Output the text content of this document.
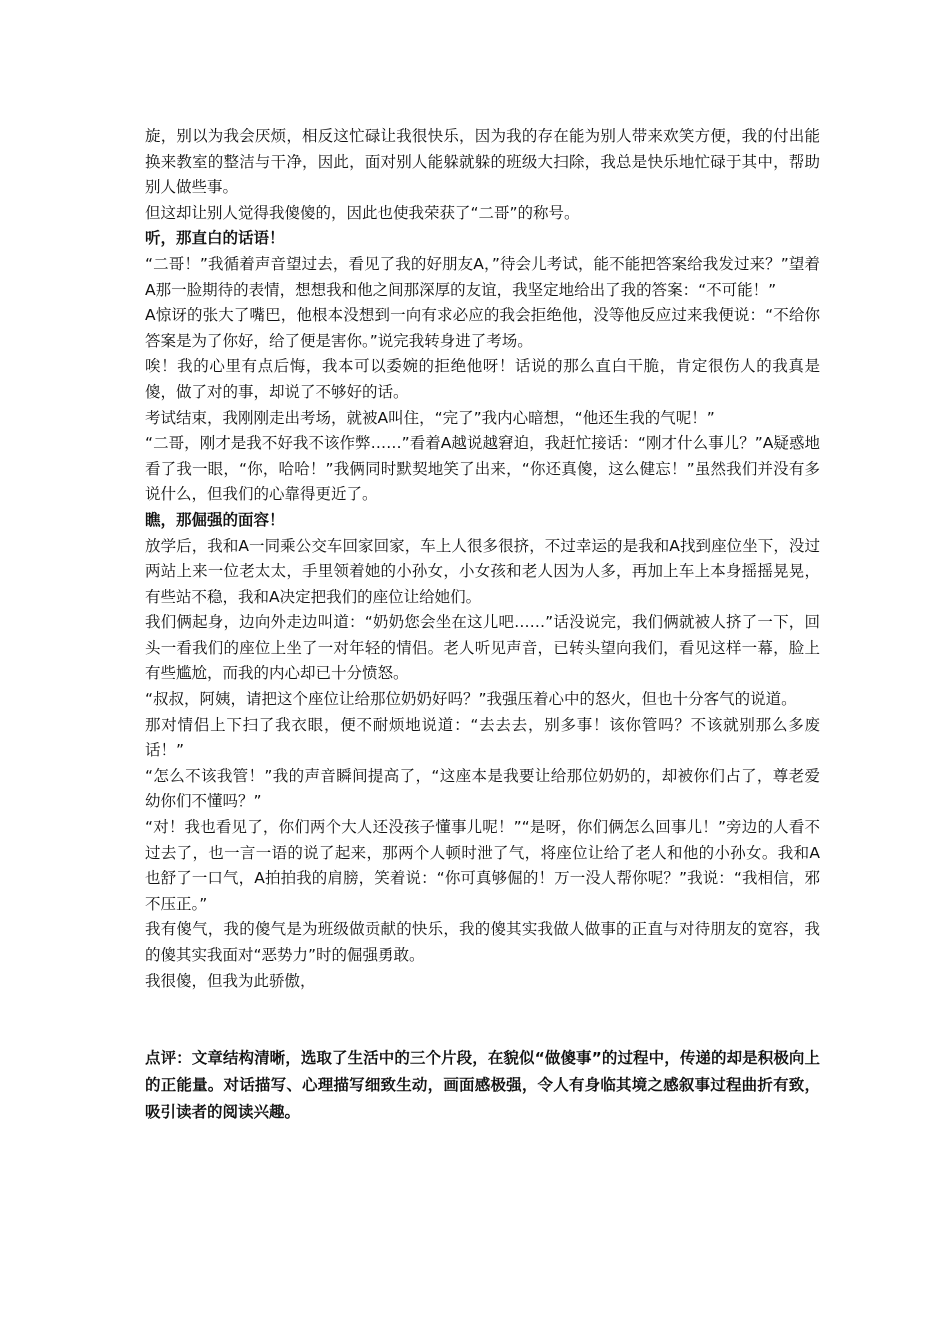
旋，别以为我会厌烦，相反这忙碌让我很快乐，因为我的存在能为别人带来欢笑方便，我的付出能换来教室的整洁与干净，因此，面对别人能躲就躲的班级大扫除，我总是快乐地忙碌于其中，帮助别人做些事。

但这却让别人觉得我傻傻的，因此也使我荣获了“二哥”的称号。

听，那直白的话语！

“二哥！”我循着声音望过去，看见了我的好朋友A，”待会儿考试，能不能把答案给我发过来？”望着A那一脸期待的表情，想想我和他之间那深厚的友谊，我坚定地给出了我的答案：“不可能！”

A惊讶的张大了嘴巴，他根本没想到一向有求必应的我会拒绝他，没等他反应过来我便说：“不给你答案是为了你好，给了便是害你。”说完我转身进了考场。

唉！我的心里有点后悔，我本可以委婉的拒绝他呀！话说的那么直白干脆，肯定很伤人的我真是傻，做了对的事，却说了不够好的话。

考试结束，我刚刚走出考场，就被A叫住，“完了”我内心暗想，“他还生我的气呢！”

“二哥，刚才是我不好我不该作弊……”看着A越说越窘迫，我赶忙接话：“刚才什么事儿？”A疑惑地看了我一眼，“你，哈哈！”我俩同时默契地笑了出来，“你还真傻，这么健忘！”虽然我们并没有多说什么，但我们的心靠得更近了。

瞧，那倔强的面容！

放学后，我和A一同乘公交车回家回家，车上人很多很挤，不过幸运的是我和A找到座位坐下，没过两站上来一位老太太，手里领着她的小孙女，小女孩和老人因为人多，再加上车上本身摇摇晃晃，有些站不稳，我和A决定把我们的座位让给她们。

我们俩起身，边向外走边叫道：“奶奶您会坐在这儿吧……”话没说完，我们俩就被人挤了一下，回头一看我们的座位上坐了一对年轻的情侣。老人听见声音，已转头望向我们，看见这样一幕，脸上有些尴尬，而我的内心却已十分愤怒。

“叔叔，阿姨，请把这个座位让给那位奶奶好吗？”我强压着心中的怒火，但也十分客气的说道。

那对情侣上下扫了我衣眼，便不耐烦地说道：“去去去，别多事！该你管吗？不该就别那么多废话！”

“怎么不该我管！”我的声音瞬间提高了，“这座本是我要让给那位奶奶的，却被你们占了，尊老爱幼你们不懂吗？”

“对！我也看见了，你们两个大人还没孩子懂事儿呢！”“是呀，你们俩怎么回事儿！”旁边的人看不过去了，也一言一语的说了起来，那两个人顿时泄了气，将座位让给了老人和他的小孙女。我和A也舒了一口气，A拍拍我的肩膀，笑着说：“你可真够倔的！万一没人帮你呢？”我说：“我相信，邪不压正。”

我有傻气，我的傻气是为班级做贡献的快乐，我的傻其实我做人做事的正直与对待朋友的宽容，我的傻其实我面对“恶势力”时的倔强勇敢。

我很傻，但我为此骄傲，

点评：文章结构清晰，选取了生活中的三个片段，在貌似“做傻事”的过程中，传递的却是积极向上的正能量。对话描写、心理描写细致生动，画面感极强，令人有身临其境之感叙事过程曲折有致，吸引读者的阅读兴趣。
